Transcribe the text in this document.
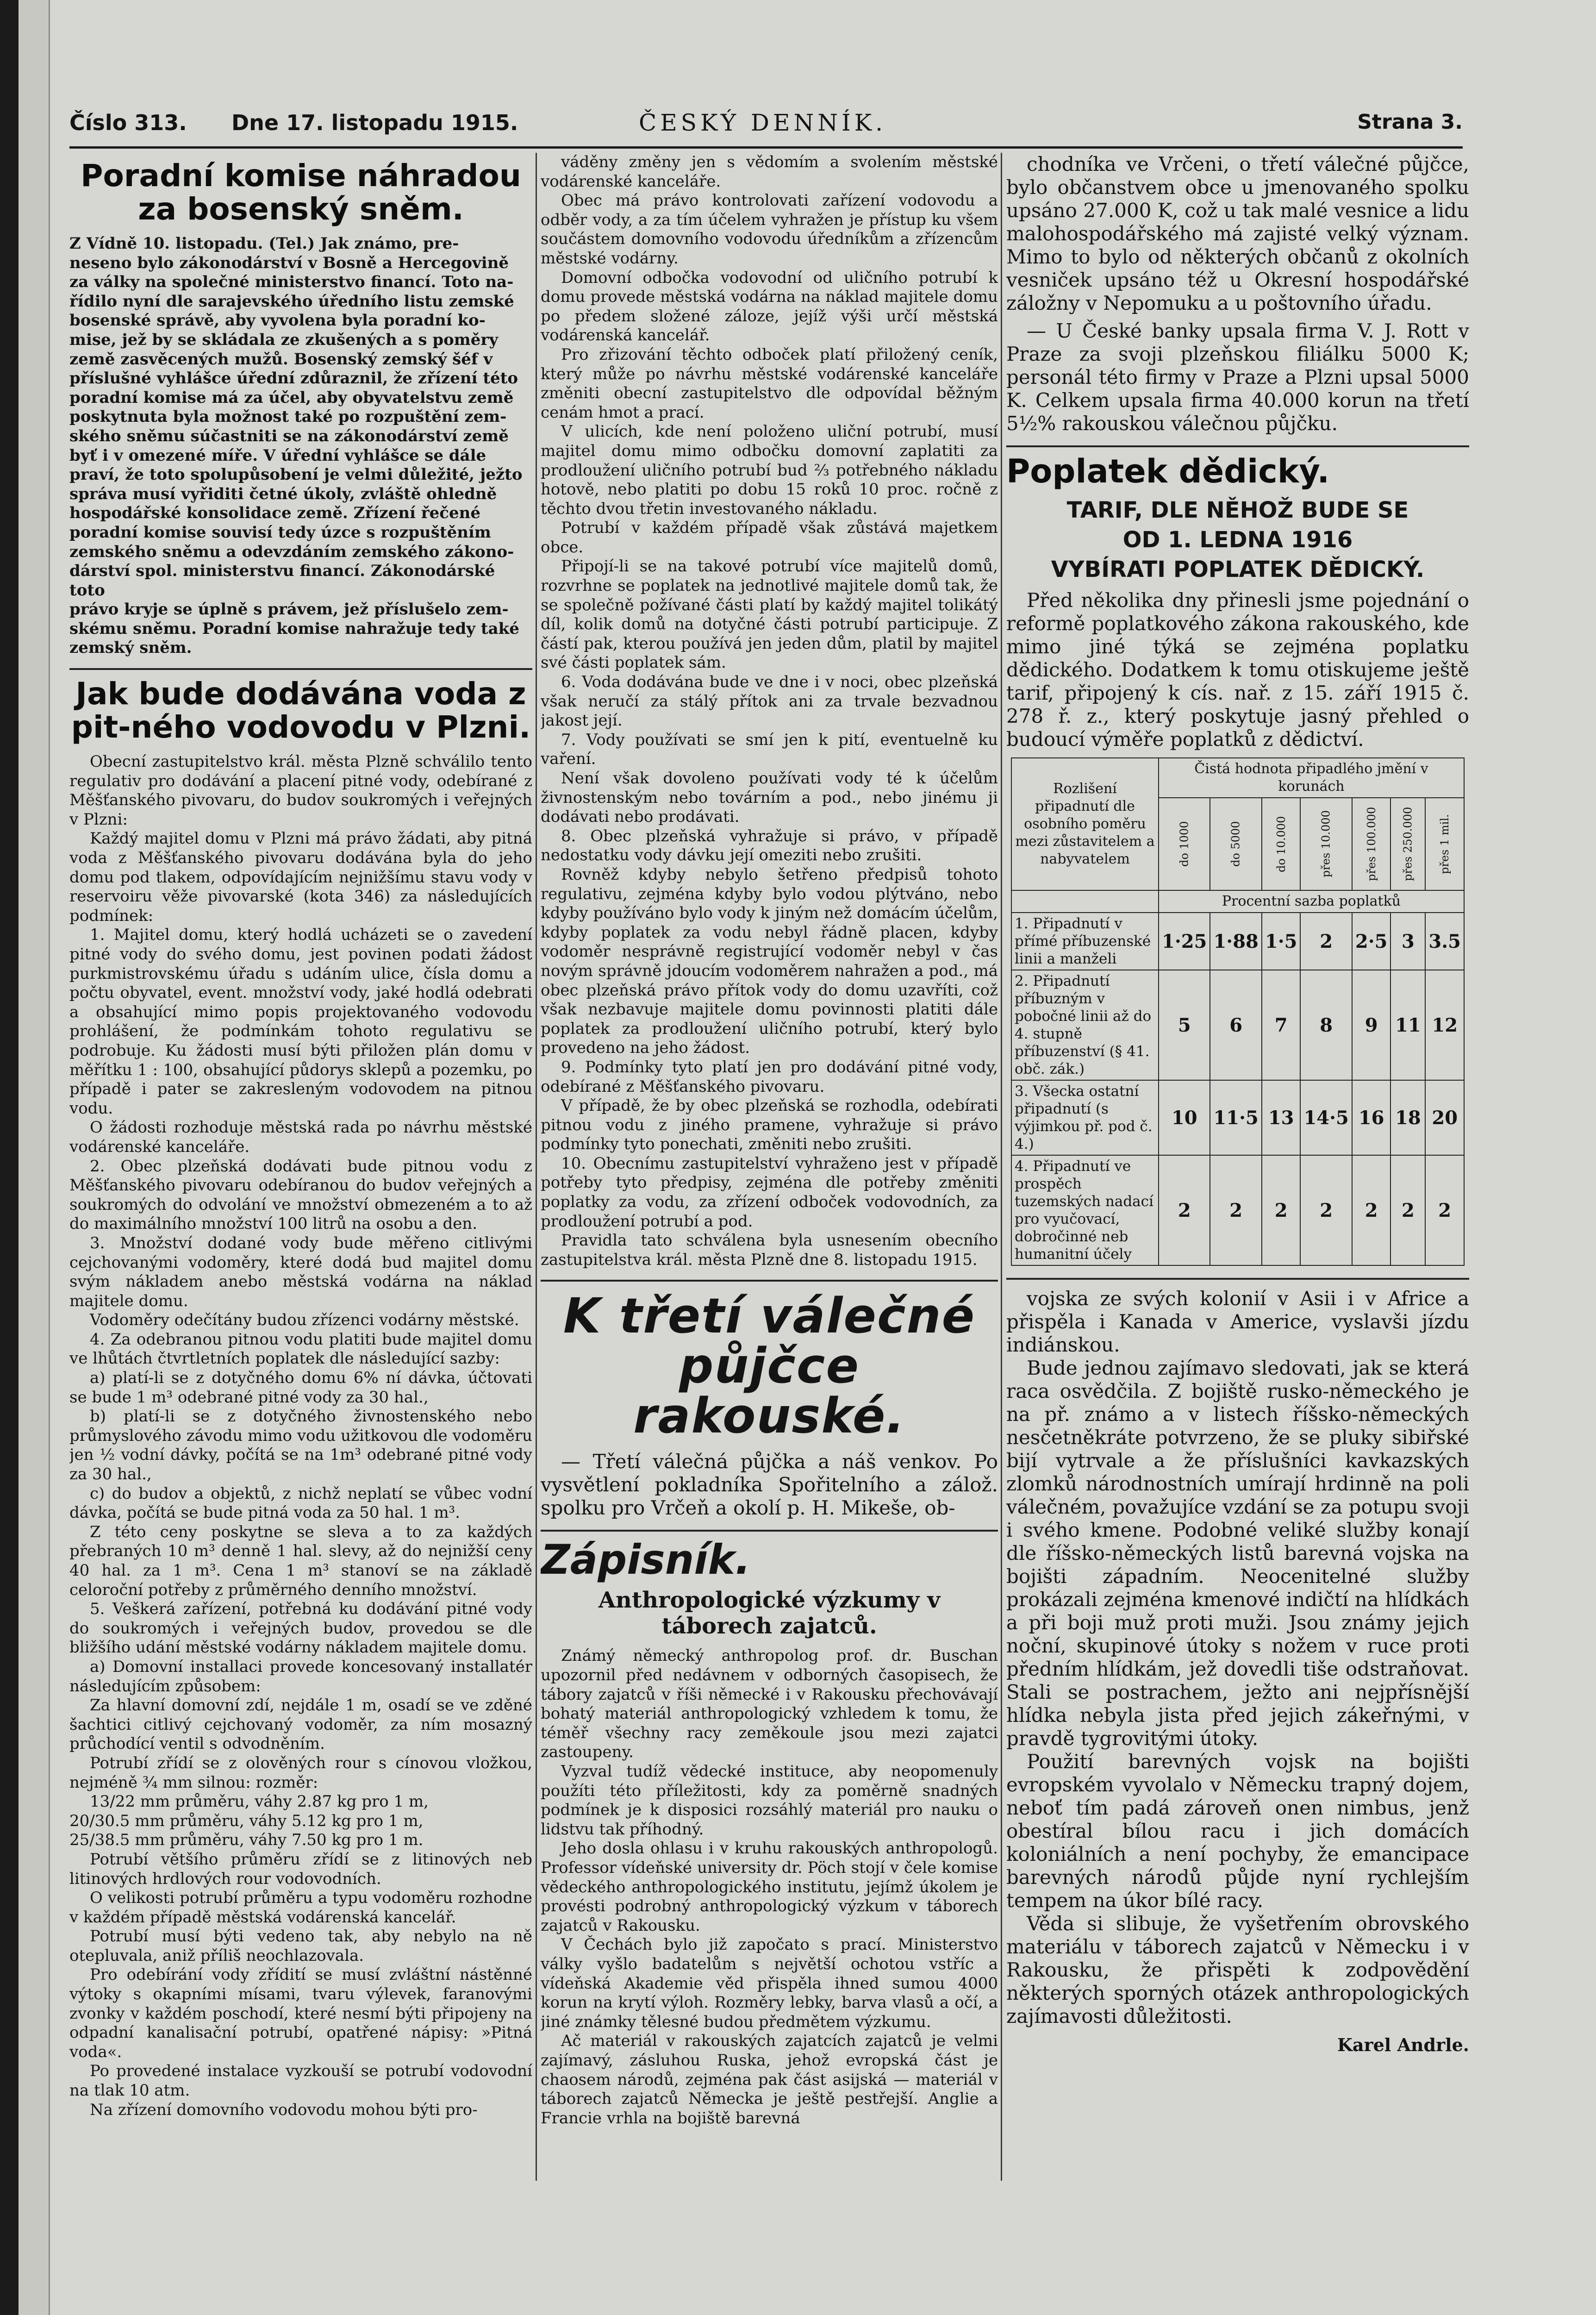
Číslo 313. Dne 17. listopadu 1915.	ČESKÝ DENNÍK.	Strana 3.
Poradní komise náhradou za bosenský sněm.

Z Vídně 10. listopadu. (Tel.) Jak známo, pre-
neseno bylo zákonodárství v Bosně a Hercegovině
za války na společné ministerstvo financí. Toto na-
řídilo nyní dle sarajevského úředního listu zemské
bosenské správě, aby vyvolena byla poradní ko-
mise, jež by se skládala ze zkušených a s poměry
země zasvěcených mužů. Bosenský zemský šéf v
příslušné vyhlášce úřední zdůraznil, že zřízení této
poradní komise má za účel, aby obyvatelstvu země
poskytnuta byla možnost také po rozpuštění zem-
ského sněmu súčastniti se na zákonodárství země
byť i v omezené míře. V úřední vyhlášce se dále
praví, že toto spolupůsobení je velmi důležité, ježto
správa musí vyřiditi četné úkoly, zvláště ohledně
hospodářské konsolidace země. Zřízení řečené
poradní komise souvisí tedy úzce s rozpuštěním
zemského sněmu a odevzdáním zemského zákono-
dárství spol. ministerstvu financí. Zákonodárské toto
právo kryje se úplně s právem, jež příslušelo zem-
skému sněmu. Poradní komise nahražuje tedy také
zemský sněm.

Jak bude dodávána voda z pit-ného vodovodu v Plzni.

Obecní zastupitelstvo král. města Plzně schválilo tento regulativ pro dodávání a placení pitné vody, odebírané z Měšťanského pivovaru, do budov soukromých i veřejných v Plzni:

Každý majitel domu v Plzni má právo žádati, aby pitná voda z Měšťanského pivovaru dodávána byla do jeho domu pod tlakem, odpovídajícím nejnižšímu stavu vody v reservoiru věže pivovarské (kota 346) za následujících podmínek:

1. Majitel domu, který hodlá ucházeti se o zavedení pitné vody do svého domu, jest povinen podati žádost purkmistrovskému úřadu s udáním ulice, čísla domu a počtu obyvatel, event. množství vody, jaké hodlá odebrati a obsahující mimo popis projektovaného vodovodu prohlášení, že podmínkám tohoto regulativu se podrobuje. Ku žádosti musí býti přiložen plán domu v měřítku 1 : 100, obsahující půdorys sklepů a pozemku, po případě i pater se zakresleným vodovodem na pitnou vodu.

O žádosti rozhoduje městská rada po návrhu městské vodárenské kanceláře.

2. Obec plzeňská dodávati bude pitnou vodu z Měšťanského pivovaru odebíranou do budov veřejných a soukromých do odvolání ve množství obmezeném a to až do maximálního množství 100 litrů na osobu a den.

3. Množství dodané vody bude měřeno citlivými cejchovanými vodoměry, které dodá bud majitel domu svým nákladem anebo městská vodárna na náklad majitele domu.

Vodoměry odečítány budou zřízenci vodárny městské.

4. Za odebranou pitnou vodu platiti bude majitel domu ve lhůtách čtvrtletních poplatek dle následující sazby:

a) platí-li se z dotyčného domu 6% ní dávka, účtovati se bude 1 m³ odebrané pitné vody za 30 hal.,

b) platí-li se z dotyčného živnostenského nebo průmyslového závodu mimo vodu užitkovou dle vodoměru jen ½ vodní dávky, počítá se na 1m³ odebrané pitné vody za 30 hal.,

c) do budov a objektů, z nichž neplatí se vůbec vodní dávka, počítá se bude pitná voda za 50 hal. 1 m³.

Z této ceny poskytne se sleva a to za každých přebraných 10 m³ denně 1 hal. slevy, až do nejnižší ceny 40 hal. za 1 m³. Cena 1 m³ stanoví se na základě celoroční potřeby z průměrného denního množství.

5. Veškerá zařízení, potřebná ku dodávání pitné vody do soukromých i veřejných budov, provedou se dle bližšího udání městské vodárny nákladem majitele domu.

a) Domovní installaci provede koncesovaný installatér následujícím způsobem:

Za hlavní domovní zdí, nejdále 1 m, osadí se ve zděné šachtici citlivý cejchovaný vodoměr, za ním mosazný průchodící ventil s odvodněním.

Potrubí zřídí se z olověných rour s cínovou vložkou, nejméně ¾ mm silnou: rozměr:

13/22 mm průměru, váhy 2.87 kg pro 1 m,
20/30.5 mm průměru, váhy 5.12 kg pro 1 m,
25/38.5 mm průměru, váhy 7.50 kg pro 1 m.

Potrubí většího průměru zřídí se z litinových neb litinových hrdlových rour vodovodních.

O velikosti potrubí průměru a typu vodoměru rozhodne v každém případě městská vodárenská kancelář.

Potrubí musí býti vedeno tak, aby nebylo na ně otepluvala, aniž příliš neochlazovala.

Pro odebírání vody zřídití se musí zvláštní nástěnné výtoky s okapními mísami, tvaru výlevek, faranovými zvonky v každém poschodí, které nesmí býti připojeny na odpadní kanalisační potrubí, opatřené nápisy: »Pitná voda«.

Po provedené instalace vyzkouší se potrubí vodovodní na tlak 10 atm.

Na zřízení domovního vodovodu mohou býti pro-

váděny změny jen s vědomím a svolením městské vodárenské kanceláře.

Obec má právo kontrolovati zařízení vodovodu a odběr vody, a za tím účelem vyhražen je přístup ku všem součástem domovního vodovodu úředníkům a zřízencům městské vodárny.

Domovní odbočka vodovodní od uličního potrubí k domu provede městská vodárna na náklad majitele domu po předem složené záloze, jejíž výši určí městská vodárenská kancelář.

Pro zřizování těchto odboček platí přiložený ceník, který může po návrhu městské vodárenské kanceláře změniti obecní zastupitelstvo dle odpovídal běžným cenám hmot a prací.

V ulicích, kde není položeno uliční potrubí, musí majitel domu mimo odbočku domovní zaplatiti za prodloužení uličního potrubí bud ⅔ potřebného nákladu hotově, nebo platiti po dobu 15 roků 10 proc. ročně z těchto dvou třetin investovaného nákladu.

Potrubí v každém případě však zůstává majetkem obce.

Připojí-li se na takové potrubí více majitelů domů, rozvrhne se poplatek na jednotlivé majitele domů tak, že se společně požívané části platí by každý majitel tolikátý díl, kolik domů na dotyčné části potrubí participuje. Z částí pak, kterou používá jen jeden dům, platil by majitel své části poplatek sám.

6. Voda dodávána bude ve dne i v noci, obec plzeňská však neručí za stálý přítok ani za trvale bezvadnou jakost její.

7. Vody používati se smí jen k pití, eventuelně ku vaření.

Není však dovoleno používati vody té k účelům živnostenským nebo továrním a pod., nebo jinému ji dodávati nebo prodávati.

8. Obec plzeňská vyhražuje si právo, v případě nedostatku vody dávku její omeziti nebo zrušiti.

Rovněž kdyby nebylo šetřeno předpisů tohoto regulativu, zejména kdyby bylo vodou plýtváno, nebo kdyby používáno bylo vody k jiným než domácím účelům, kdyby poplatek za vodu nebyl řádně placen, kdyby vodoměr nesprávně registrující vodoměr nebyl v čas novým správně jdoucím vodoměrem nahražen a pod., má obec plzeňská právo přítok vody do domu uzavříti, což však nezbavuje majitele domu povinnosti platiti dále poplatek za prodloužení uličního potrubí, který bylo provedeno na jeho žádost.

9. Podmínky tyto platí jen pro dodávání pitné vody, odebírané z Měšťanského pivovaru.

V případě, že by obec plzeňská se rozhodla, odebírati pitnou vodu z jiného pramene, vyhražuje si právo podmínky tyto ponechati, změniti nebo zrušiti.

10. Obecnímu zastupitelství vyhraženo jest v případě potřeby tyto předpisy, zejména dle potřeby změniti poplatky za vodu, za zřízení odboček vodovodních, za prodloužení potrubí a pod.

Pravidla tato schválena byla usnesením obecního zastupitelstva král. města Plzně dne 8. listopadu 1915.

K třetí válečné půjčce rakouské.

— Třetí válečná půjčka a náš venkov. Po vysvětlení pokladníka Spořitelního a zálož. spolku pro Vrčeň a okolí p. H. Mikeše, ob-

Zápisník.
Anthropologické výzkumy v táborech zajatců.

Známý německý anthropolog prof. dr. Buschan upozornil před nedávnem v odborných časopisech, že tábory zajatců v říši německé i v Rakousku přechovávají bohatý materiál anthropologický vzhledem k tomu, že téměř všechny racy zeměkoule jsou mezi zajatci zastoupeny.

Vyzval tudíž vědecké instituce, aby neopomenuly použíti této příležitosti, kdy za poměrně snadných podmínek je k disposici rozsáhlý materiál pro nauku o lidstvu tak příhodný.

Jeho dosla ohlasu i v kruhu rakouských anthropologů. Professor vídeňské university dr. Pöch stojí v čele komise vědeckého anthropologického institutu, jejímž úkolem je provésti podrobný anthropologický výzkum v táborech zajatců v Rakousku.

V Čechách bylo již započato s prací. Ministerstvo války vyšlo badatelům s největší ochotou vstříc a vídeňská Akademie věd přispěla ihned sumou 4000 korun na krytí výloh. Rozměry lebky, barva vlasů a očí, a jiné známky tělesné budou předmětem výzkumu.

Ač materiál v rakouských zajatcích zajatců je velmi zajímavý, zásluhou Ruska, jehož evropská část je chaosem národů, zejména pak část asijská — materiál v táborech zajatců Německa je ještě pestřejší. Anglie a Francie vrhla na bojiště barevná

chodníka ve Vrčeni, o třetí válečné půjčce, bylo občanstvem obce u jmenovaného spolku upsáno 27.000 K, což u tak malé vesnice a lidu malohospodářského má zajisté velký význam. Mimo to bylo od některých občanů z okolních vesniček upsáno též u Okresní hospodářské záložny v Nepomuku a u poštovního úřadu.

— U České banky upsala firma V. J. Rott v Praze za svoji plzeňskou filiálku 5000 K; personál této firmy v Praze a Plzni upsal 5000 K. Celkem upsala firma 40.000 korun na třetí 5½% rakouskou válečnou půjčku.

Poplatek dědický.
TARIF, DLE NĚHOŽ BUDE SE
OD 1. LEDNA 1916
VYBÍRATI POPLATEK DĚDICKÝ.

Před několika dny přinesli jsme pojednání o reformě poplatkového zákona rakouského, kde mimo jiné týká se zejména poplatku dědického. Dodatkem k tomu otiskujeme ještě tarif, připojený k cís. nař. z 15. září 1915 č. 278 ř. z., který poskytuje jasný přehled o budoucí výměře poplatků z dědictví.

Rozlišení připadnutí dle osobního poměru mezi zůstavitelem a nabyvatelem	Čistá hodnota připadlého jmění v korunách						
	do 1000	do 5000	do 10.000	přes 10.000	přes 100.000	přes 250.000	přes 1 mil.
	Procentní sazba poplatků						
1. Připadnutí v přímé příbuzenské linii a manželi	1·25	1·88	1·5	2	2·5	3	3.5
2. Připadnutí příbuzným v pobočné linii až do 4. stupně příbuzenství (§ 41. obč. zák.)	5	6	7	8	9	11	12
3. Všecka ostatní připadnutí (s výjimkou př. pod č. 4.)	10	11·5	13	14·5	16	18	20
4. Připadnutí ve prospěch tuzemských nadací pro vyučovací, dobročinné neb humanitní účely	2	2	2	2	2	2	2

vojska ze svých kolonií v Asii i v Africe a přispěla i Kanada v Americe, vyslavši jízdu indiánskou.

Bude jednou zajímavo sledovati, jak se která raca osvědčila. Z bojiště rusko-německého je na př. známo a v listech říšsko-německých nesčetněkráte potvrzeno, že se pluky sibiřské bijí vytrvale a že příslušníci kavkazských zlomků národnostních umírají hrdinně na poli válečném, považujíce vzdání se za potupu svoji i svého kmene. Podobné veliké služby konají dle říšsko-německých listů barevná vojska na bojišti západním. Neocenitelné služby prokázali zejména kmenové indičtí na hlídkách a při boji muž proti muži. Jsou známy jejich noční, skupinové útoky s nožem v ruce proti předním hlídkám, jež dovedli tiše odstraňovat. Stali se postrachem, ježto ani nejpřísnější hlídka nebyla jista před jejich zákeřnými, v pravdě tygrovitými útoky.

Použití barevných vojsk na bojišti evropském vyvolalo v Německu trapný dojem, neboť tím padá zároveň onen nimbus, jenž obestíral bílou racu i jich domácích koloniálních a není pochyby, že emancipace barevných národů půjde nyní rychlejším tempem na úkor bílé racy.

Věda si slibuje, že vyšetřením obrovského materiálu v táborech zajatců v Německu i v Rakousku, že přispěti k zodpovědění některých sporných otázek anthropologických zajímavosti důležitosti.

Karel Andrle.
